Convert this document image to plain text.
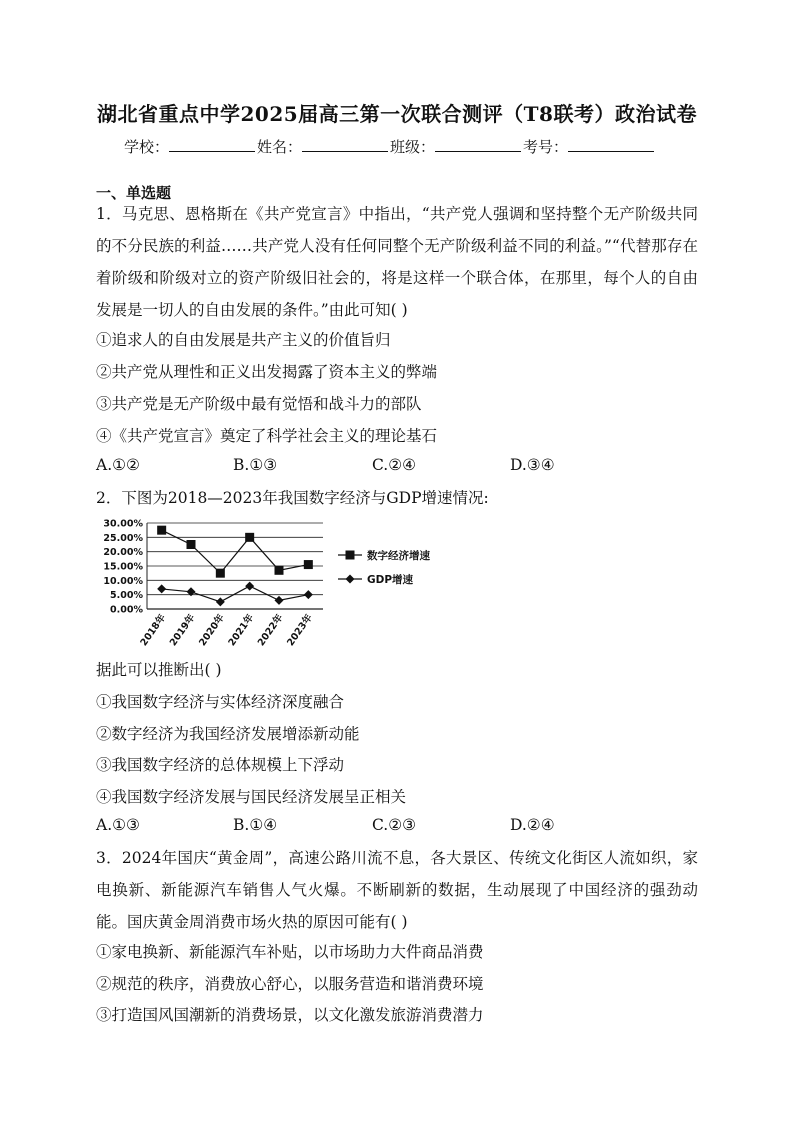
湖北省重点中学2025届高三第一次联合测评（T8联考）政治试卷
学校：	姓名：	班级：	考号：
一、单选题
1．马克思、恩格斯在《共产党宣言》中指出，“共产党人强调和坚持整个无产阶级共同的不分民族的利益……共产党人没有任何同整个无产阶级利益不同的利益。”“代替那存在着阶级和阶级对立的资产阶级旧社会的，将是这样一个联合体，在那里，每个人的自由发展是一切人的自由发展的条件。”由此可知( )
①追求人的自由发展是共产主义的价值旨归
②共产党从理性和正义出发揭露了资本主义的弊端
③共产党是无产阶级中最有觉悟和战斗力的部队
④《共产党宣言》奠定了科学社会主义的理论基石
A.①②	B.①③	C.②④	D.③④
2．下图为2018—2023年我国数字经济与GDP增速情况:
0.00%
5.00%
10.00%
15.00%
20.00%
25.00%
30.00%
2018年 2019年 2020年 2021年 2022年 2023年
数字经济增速
GDP增速
据此可以推断出( )
①我国数字经济与实体经济深度融合
②数字经济为我国经济发展增添新动能
③我国数字经济的总体规模上下浮动
④我国数字经济发展与国民经济发展呈正相关
A.①③	B.①④	C.②③	D.②④
3．2024年国庆“黄金周”，高速公路川流不息，各大景区、传统文化街区人流如织，家电换新、新能源汽车销售人气火爆。不断刷新的数据，生动展现了中国经济的强劲动能。国庆黄金周消费市场火热的原因可能有( )
①家电换新、新能源汽车补贴，以市场助力大件商品消费
②规范的秩序，消费放心舒心，以服务营造和谐消费环境
③打造国风国潮新的消费场景，以文化激发旅游消费潜力
